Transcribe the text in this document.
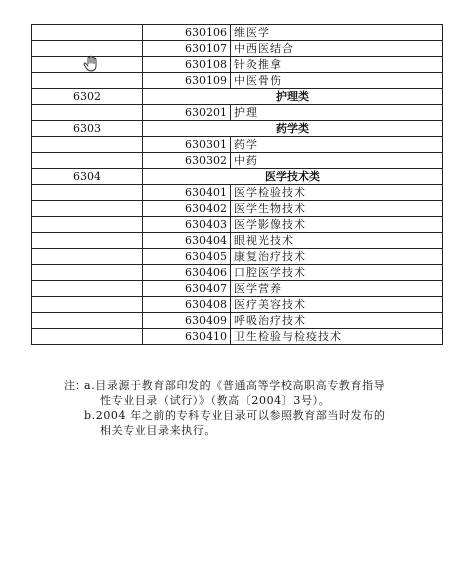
	630106	维医学
	630107	中西医结合
	630108	针灸推拿
	630109	中医骨伤
6302	护理类	
	630201	护理
6303	药学类	
	630301	药学
	630302	中药
6304	医学技术类	
	630401	医学检验技术
	630402	医学生物技术
	630403	医学影像技术
	630404	眼视光技术
	630405	康复治疗技术
	630406	口腔医学技术
	630407	医学营养
	630408	医疗美容技术
	630409	呼吸治疗技术
	630410	卫生检验与检疫技术
注：
a.目录源于教育部印发的《普通高等学校高职高专教育指导
性专业目录（试行）》（教高〔2004〕3号）。
b.2004 年之前的专科专业目录可以参照教育部当时发布的
相关专业目录来执行。
